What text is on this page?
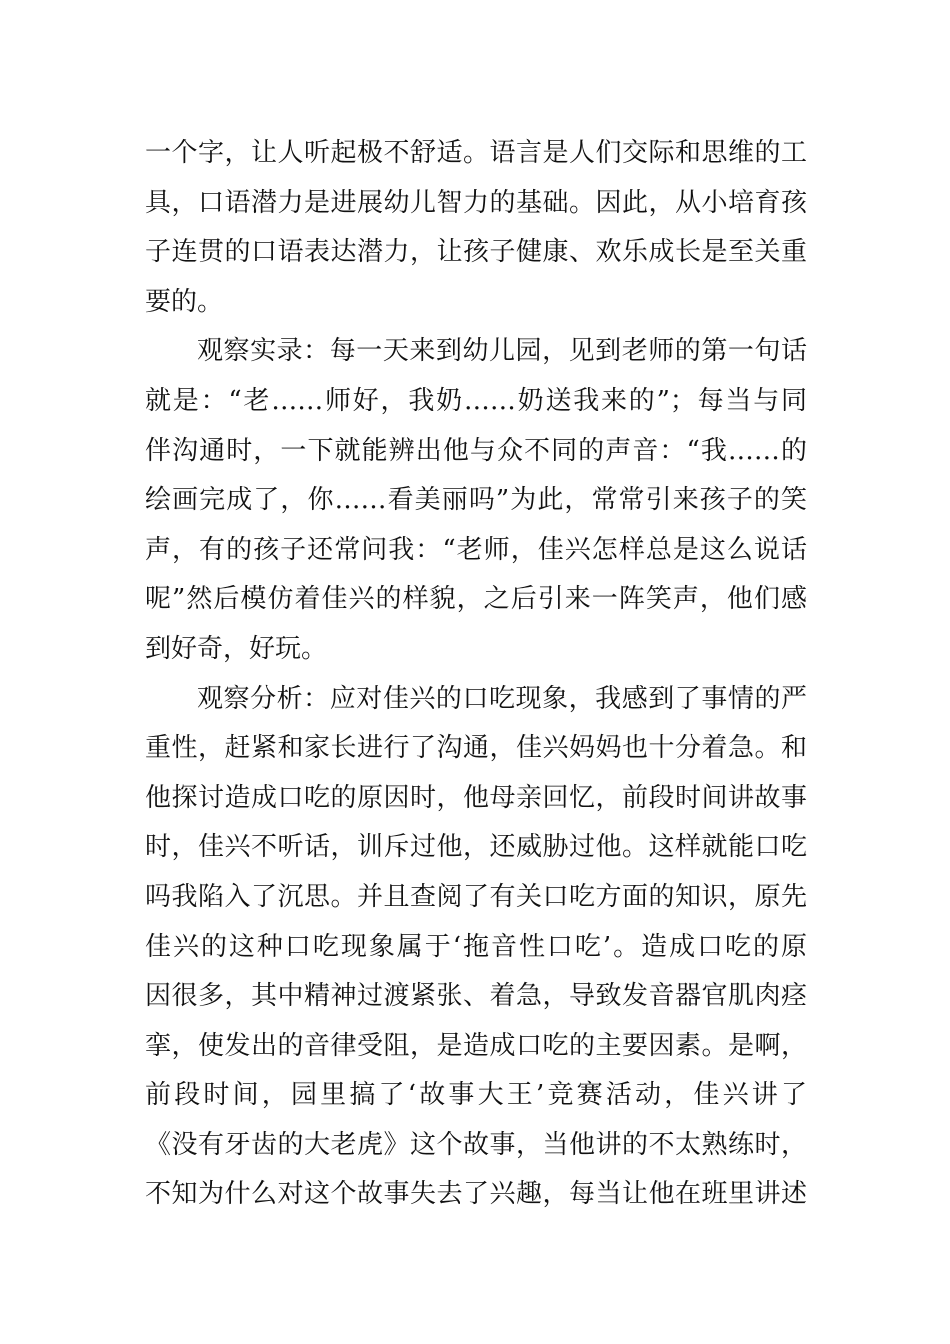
一个字，让人听起极不舒适。语言是人们交际和思维的工
具，口语潜力是进展幼儿智力的基础。因此，从小培育孩
子连贯的口语表达潜力，让孩子健康、欢乐成长是至关重
要的。
观察实录：每一天来到幼儿园，见到老师的第一句话
就是：“老……师好，我奶……奶送我来的”；每当与同
伴沟通时，一下就能辨出他与众不同的声音：“我……的
绘画完成了，你……看美丽吗”为此，常常引来孩子的笑
声，有的孩子还常问我：“老师，佳兴怎样总是这么说话
呢”然后模仿着佳兴的样貌，之后引来一阵笑声，他们感
到好奇，好玩。
观察分析：应对佳兴的口吃现象，我感到了事情的严
重性，赶紧和家长进行了沟通，佳兴妈妈也十分着急。和
他探讨造成口吃的原因时，他母亲回忆，前段时间讲故事
时，佳兴不听话，训斥过他，还威胁过他。这样就能口吃
吗我陷入了沉思。并且查阅了有关口吃方面的知识，原先
佳兴的这种口吃现象属于‘拖音性口吃’。造成口吃的原
因很多，其中精神过渡紧张、着急，导致发音器官肌肉痉
挛，使发出的音律受阻，是造成口吃的主要因素。是啊，
前段时间，园里搞了‘故事大王’竞赛活动，佳兴讲了
《没有牙齿的大老虎》这个故事，当他讲的不太熟练时，
不知为什么对这个故事失去了兴趣，每当让他在班里讲述
